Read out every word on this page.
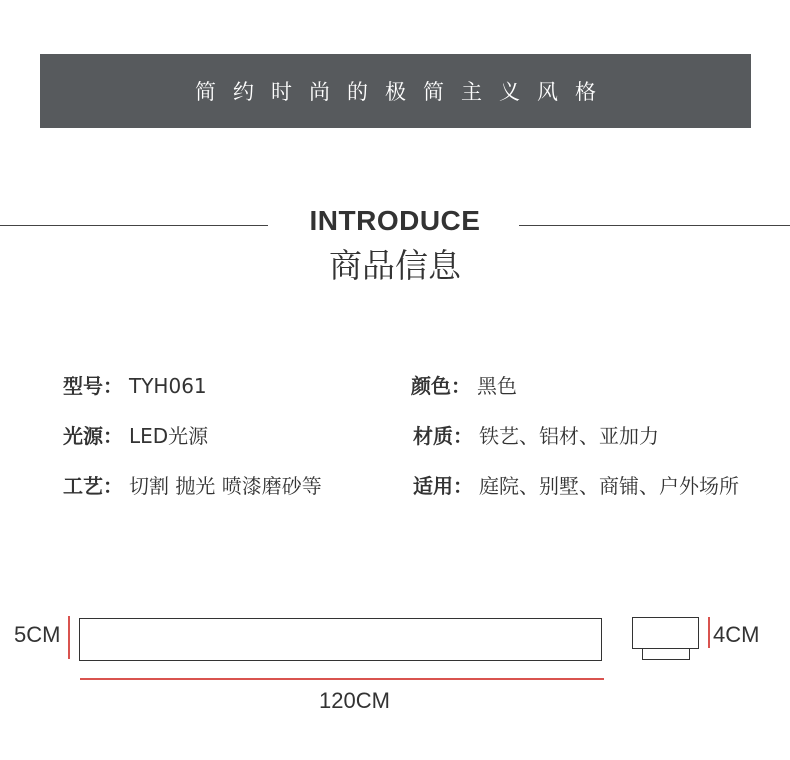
简约时尚的极简主义风格
INTRODUCE
商品信息
型号： TYH061	颜色： 黑色
光源： LED光源	材质： 铁艺、铝材、亚加力
工艺： 切割 抛光 喷漆磨砂等	适用： 庭院、别墅、商铺、户外场所
5CM
120CM
4CM
